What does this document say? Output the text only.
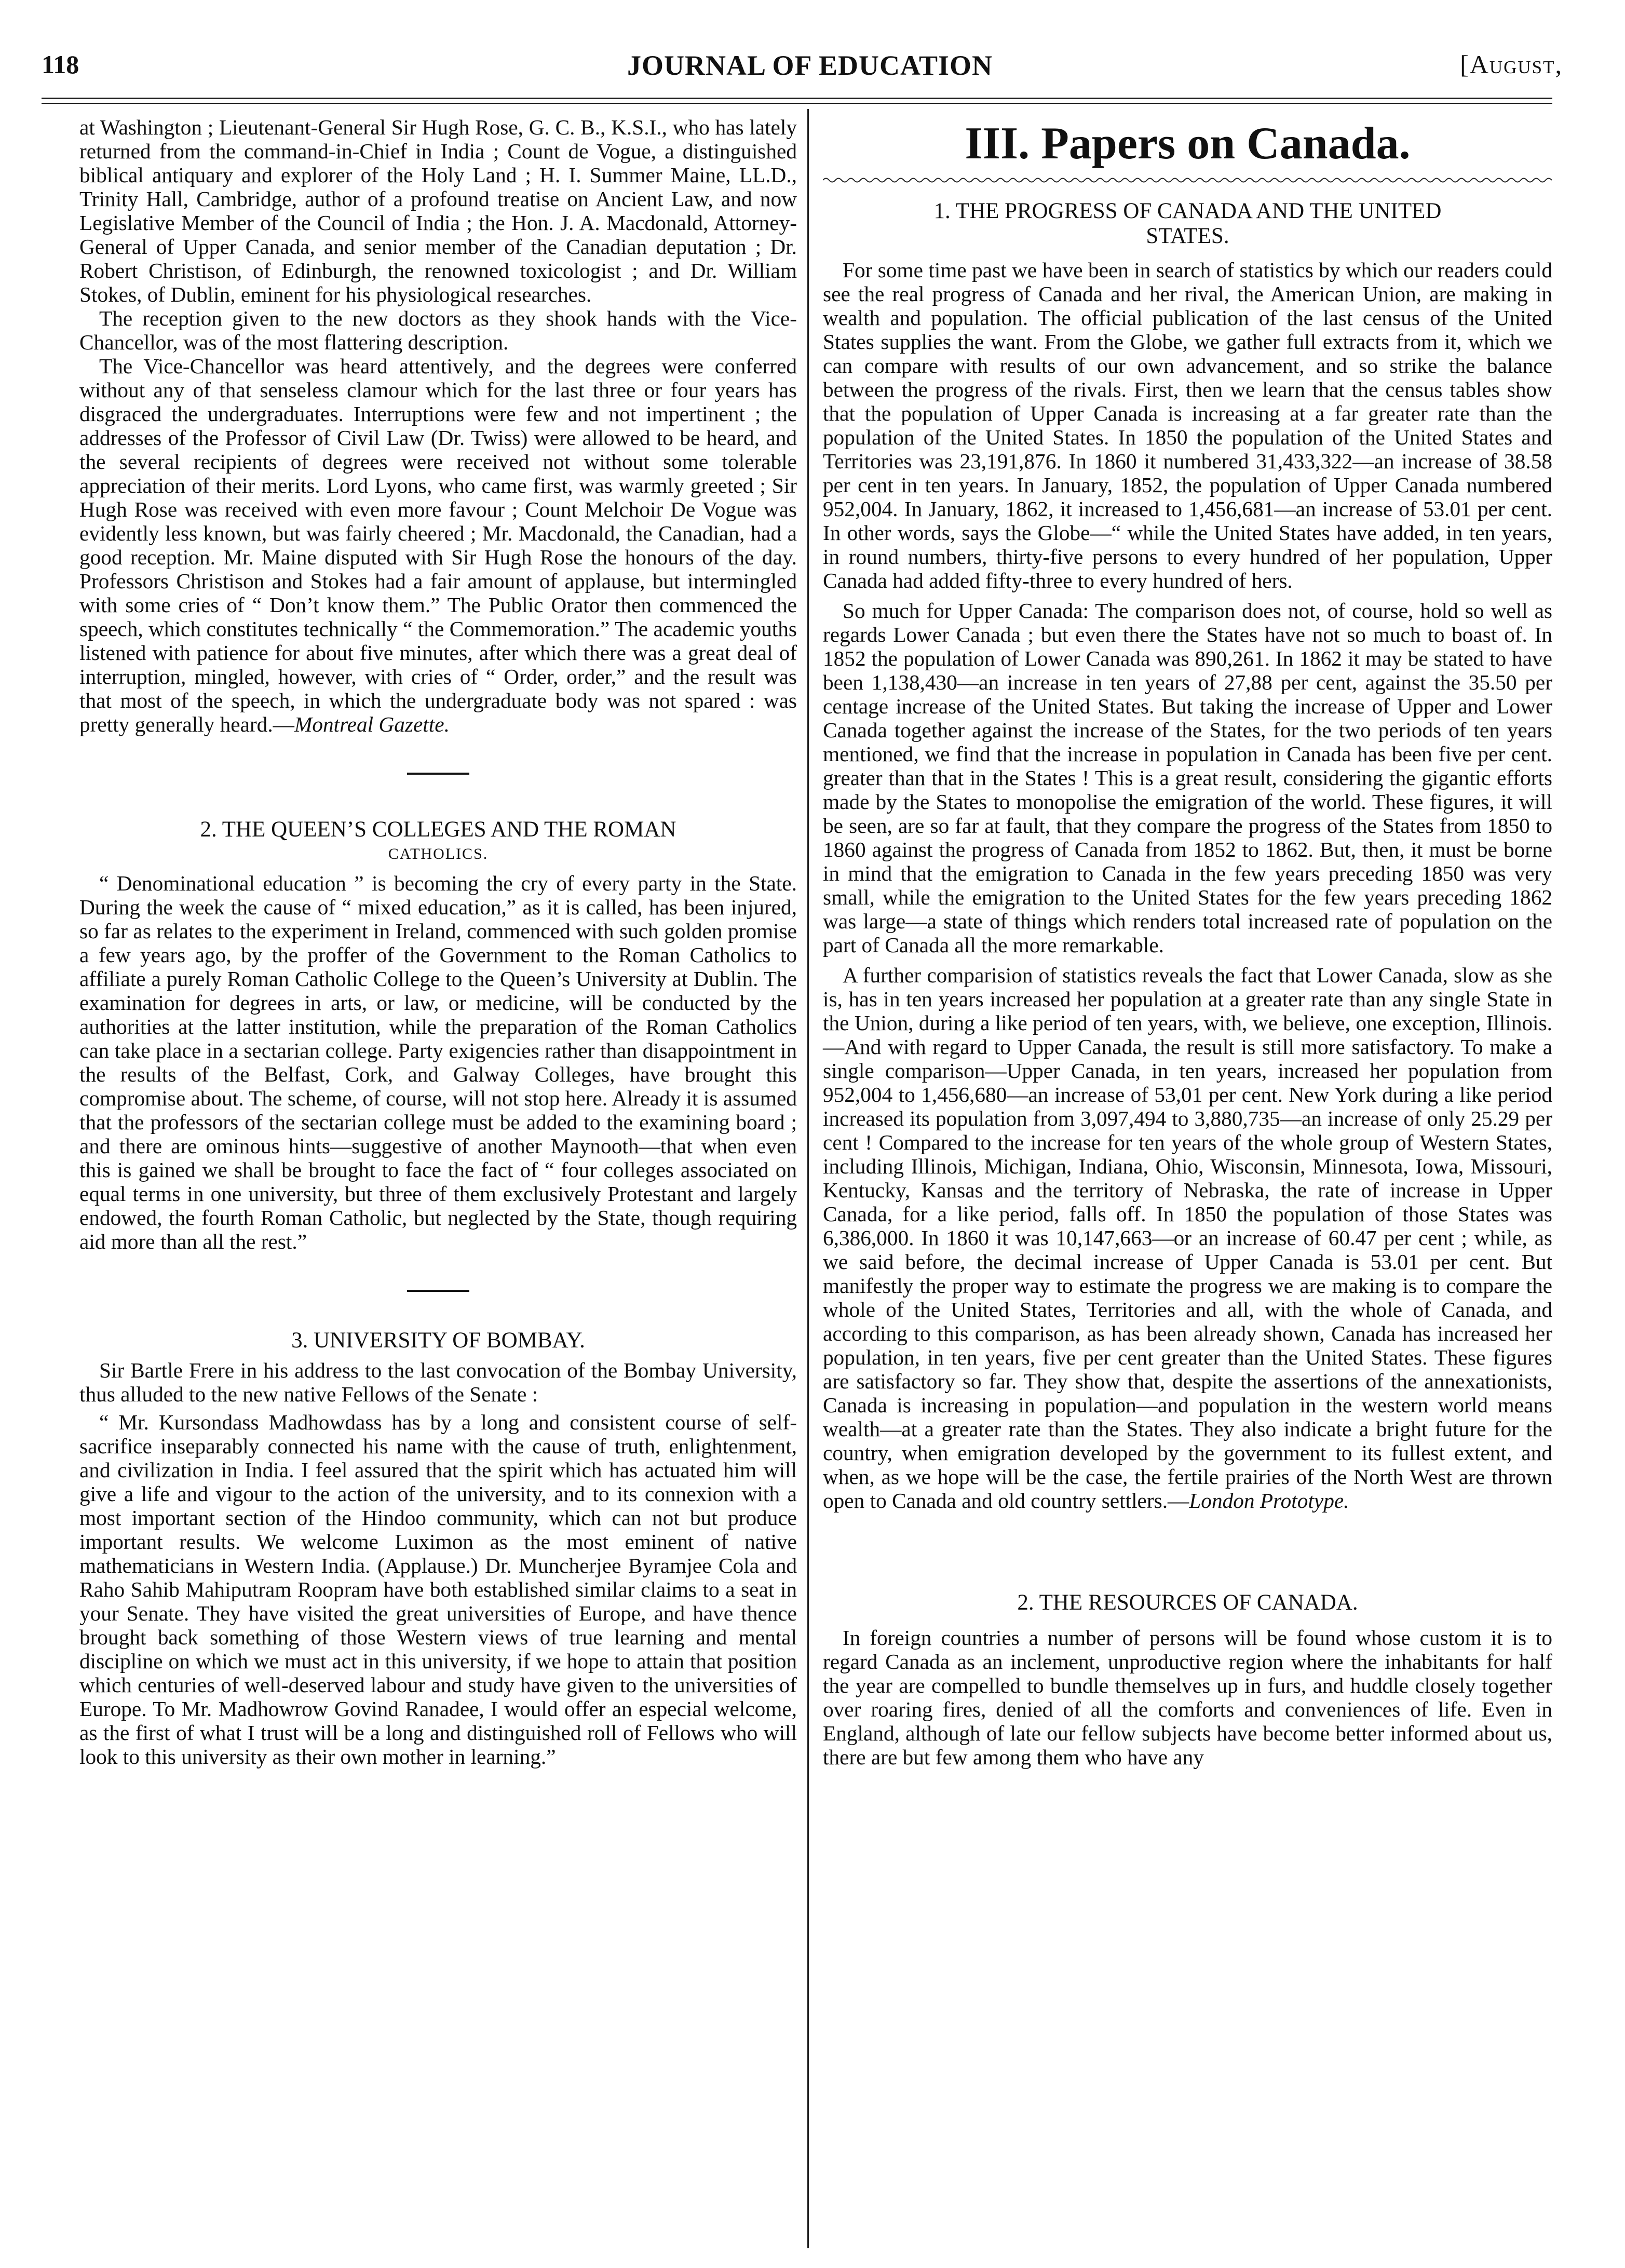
118	JOURNAL OF EDUCATION	[August,

at Washington ; Lieutenant-General Sir Hugh Rose, G. C. B., K.S.I., who has lately returned from the command-in-Chief in India ; Count de Vogue, a distinguished biblical antiquary and explorer of the Holy Land ; H. I. Summer Maine, LL.D., Trinity Hall, Cambridge, author of a profound treatise on Ancient Law, and now Legislative Member of the Council of India ; the Hon. J. A. Macdonald, Attorney-General of Upper Canada, and senior member of the Canadian deputation ; Dr. Robert Christison, of Edinburgh, the renowned toxicologist ; and Dr. William Stokes, of Dublin, eminent for his physiological researches.

The reception given to the new doctors as they shook hands with the Vice-Chancellor, was of the most flattering description.

The Vice-Chancellor was heard attentively, and the degrees were conferred without any of that senseless clamour which for the last three or four years has disgraced the undergraduates. Interruptions were few and not impertinent ; the addresses of the Professor of Civil Law (Dr. Twiss) were allowed to be heard, and the several recipients of degrees were received not without some tolerable appreciation of their merits. Lord Lyons, who came first, was warmly greeted ; Sir Hugh Rose was received with even more favour ; Count Melchoir De Vogue was evidently less known, but was fairly cheered ; Mr. Macdonald, the Canadian, had a good reception. Mr. Maine disputed with Sir Hugh Rose the honours of the day. Professors Christison and Stokes had a fair amount of applause, but intermingled with some cries of “ Don’t know them.” The Public Orator then commenced the speech, which constitutes technically “ the Commemoration.” The academic youths listened with patience for about five minutes, after which there was a great deal of interruption, mingled, however, with cries of “ Order, order,” and the result was that most of the speech, in which the undergraduate body was not spared : was pretty generally heard.—Montreal Gazette.

2. THE QUEEN’S COLLEGES AND THE ROMAN
CATHOLICS.

“ Denominational education ” is becoming the cry of every party in the State. During the week the cause of “ mixed education,” as it is called, has been injured, so far as relates to the experiment in Ireland, commenced with such golden promise a few years ago, by the proffer of the Government to the Roman Catholics to affiliate a purely Roman Catholic College to the Queen’s University at Dublin. The examination for degrees in arts, or law, or medicine, will be conducted by the authorities at the latter institution, while the preparation of the Roman Catholics can take place in a sectarian college. Party exigencies rather than disappointment in the results of the Belfast, Cork, and Galway Colleges, have brought this compromise about. The scheme, of course, will not stop here. Already it is assumed that the professors of the sectarian college must be added to the examining board ; and there are ominous hints—suggestive of another Maynooth—that when even this is gained we shall be brought to face the fact of “ four colleges associated on equal terms in one university, but three of them exclusively Protestant and largely endowed, the fourth Roman Catholic, but neglected by the State, though requiring aid more than all the rest.”

3. UNIVERSITY OF BOMBAY.

Sir Bartle Frere in his address to the last convocation of the Bombay University, thus alluded to the new native Fellows of the Senate :

“ Mr. Kursondass Madhowdass has by a long and consistent course of self-sacrifice inseparably connected his name with the cause of truth, enlightenment, and civilization in India. I feel assured that the spirit which has actuated him will give a life and vigour to the action of the university, and to its connexion with a most important section of the Hindoo community, which can not but produce important results. We welcome Luximon as the most eminent of native mathematicians in Western India. (Applause.) Dr. Muncherjee Byramjee Cola and Raho Sahib Mahiputram Roopram have both established similar claims to a seat in your Senate. They have visited the great universities of Europe, and have thence brought back something of those Western views of true learning and mental discipline on which we must act in this university, if we hope to attain that position which centuries of well-deserved labour and study have given to the universities of Europe. To Mr. Madhowrow Govind Ranadee, I would offer an especial welcome, as the first of what I trust will be a long and distinguished roll of Fellows who will look to this university as their own mother in learning.”

III. Papers on Canada.
1. THE PROGRESS OF CANADA AND THE UNITED
STATES.

For some time past we have been in search of statistics by which our readers could see the real progress of Canada and her rival, the American Union, are making in wealth and population. The official publication of the last census of the United States supplies the want. From the Globe, we gather full extracts from it, which we can compare with results of our own advancement, and so strike the balance between the progress of the rivals. First, then we learn that the census tables show that the population of Upper Canada is increasing at a far greater rate than the population of the United States. In 1850 the population of the United States and Territories was 23,191,876. In 1860 it numbered 31,433,322—an increase of 38.58 per cent in ten years. In January, 1852, the population of Upper Canada numbered 952,004. In January, 1862, it increased to 1,456,681—an increase of 53.01 per cent. In other words, says the Globe—“ while the United States have added, in ten years, in round numbers, thirty-five persons to every hundred of her population, Upper Canada had added fifty-three to every hundred of hers.

So much for Upper Canada: The comparison does not, of course, hold so well as regards Lower Canada ; but even there the States have not so much to boast of. In 1852 the population of Lower Canada was 890,261. In 1862 it may be stated to have been 1,138,430—an increase in ten years of 27,88 per cent, against the 35.50 per centage increase of the United States. But taking the increase of Upper and Lower Canada together against the increase of the States, for the two periods of ten years mentioned, we find that the increase in population in Canada has been five per cent. greater than that in the States ! This is a great result, considering the gigantic efforts made by the States to monopolise the emigration of the world. These figures, it will be seen, are so far at fault, that they compare the progress of the States from 1850 to 1860 against the progress of Canada from 1852 to 1862. But, then, it must be borne in mind that the emigration to Canada in the few years preceding 1850 was very small, while the emigration to the United States for the few years preceding 1862 was large—a state of things which renders total increased rate of population on the part of Canada all the more remarkable.

A further comparision of statistics reveals the fact that Lower Canada, slow as she is, has in ten years increased her population at a greater rate than any single State in the Union, during a like period of ten years, with, we believe, one exception, Illinois.—And with regard to Upper Canada, the result is still more satisfactory. To make a single comparison—Upper Canada, in ten years, increased her population from 952,004 to 1,456,680—an increase of 53,01 per cent. New York during a like period increased its population from 3,097,494 to 3,880,735—an increase of only 25.29 per cent ! Compared to the increase for ten years of the whole group of Western States, including Illinois, Michigan, Indiana, Ohio, Wisconsin, Minnesota, Iowa, Missouri, Kentucky, Kansas and the territory of Nebraska, the rate of increase in Upper Canada, for a like period, falls off. In 1850 the population of those States was 6,386,000. In 1860 it was 10,147,663—or an increase of 60.47 per cent ; while, as we said before, the decimal increase of Upper Canada is 53.01 per cent. But manifestly the proper way to estimate the progress we are making is to compare the whole of the United States, Territories and all, with the whole of Canada, and according to this comparison, as has been already shown, Canada has increased her population, in ten years, five per cent greater than the United States. These figures are satisfactory so far. They show that, despite the assertions of the annexationists, Canada is increasing in population—and population in the western world means wealth—at a greater rate than the States. They also indicate a bright future for the country, when emigration developed by the government to its fullest extent, and when, as we hope will be the case, the fertile prairies of the North West are thrown open to Canada and old country settlers.—London Prototype.

2. THE RESOURCES OF CANADA.

In foreign countries a number of persons will be found whose custom it is to regard Canada as an inclement, unproductive region where the inhabitants for half the year are compelled to bundle themselves up in furs, and huddle closely together over roaring fires, denied of all the comforts and conveniences of life. Even in England, although of late our fellow subjects have become better informed about us, there are but few among them who have any
